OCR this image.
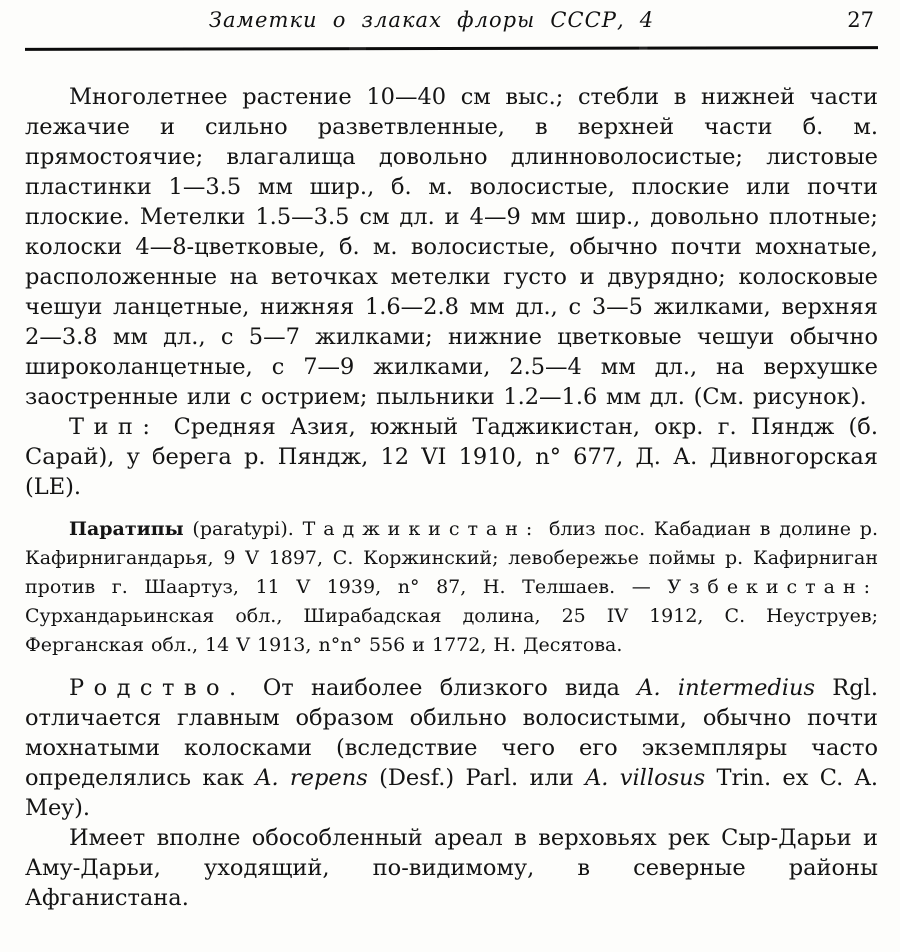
Заметки о злаках флоры СССР, 4	27

Многолетнее растение 10—40 см выс.; стебли в нижней части лежачие и сильно разветвленные, в верхней части б. м. прямостоячие; влагалища довольно длинноволосистые; листовые пластинки 1—3.5 мм шир., б. м. волосистые, плоские или почти плоские. Метелки 1.5—3.5 см дл. и 4—9 мм шир., довольно плотные; колоски 4—8-цветковые, б. м. волосистые, обычно почти мохнатые, расположенные на веточках метелки густо и двурядно; колосковые чешуи ланцетные, нижняя 1.6—2.8 мм дл., с 3—5 жилками, верхняя 2—3.8 мм дл., с 5—7 жилками; нижние цветковые чешуи обычно широколанцетные, с 7—9 жилками, 2.5—4 мм дл., на верхушке заостренные или с острием; пыльники 1.2—1.6 мм дл. (См. рисунок).

Тип: Средняя Азия, южный Таджикистан, окр. г. Пяндж (б. Сарай), у берега р. Пяндж, 12 VI 1910, n° 677, Д. А. Дивногорская (LE).

Паратипы (paratypi). Таджикистан: близ пос. Кабадиан в долине р. Кафирнигандарья, 9 V 1897, С. Коржинский; левобережье поймы р. Кафирниган против г. Шаартуз, 11 V 1939, n° 87, Н. Телшаев. — Узбекистан: Сурхандарьинская обл., Ширабадская долина, 25 IV 1912, С. Неуструев; Ферганская обл., 14 V 1913, n°n° 556 и 1772, Н. Десятова.

Родство. От наиболее близкого вида A. intermedius Rgl. отличается главным образом обильно волосистыми, обычно почти мохнатыми колосками (вследствие чего его экземпляры часто определялись как A. repens (Desf.) Parl. или A. villosus Trin. ex C. A. Mey).

Имеет вполне обособленный ареал в верховьях рек Сыр-Дарьи и Аму-Дарьи, уходящий, по-видимому, в северные районы Афганистана.
